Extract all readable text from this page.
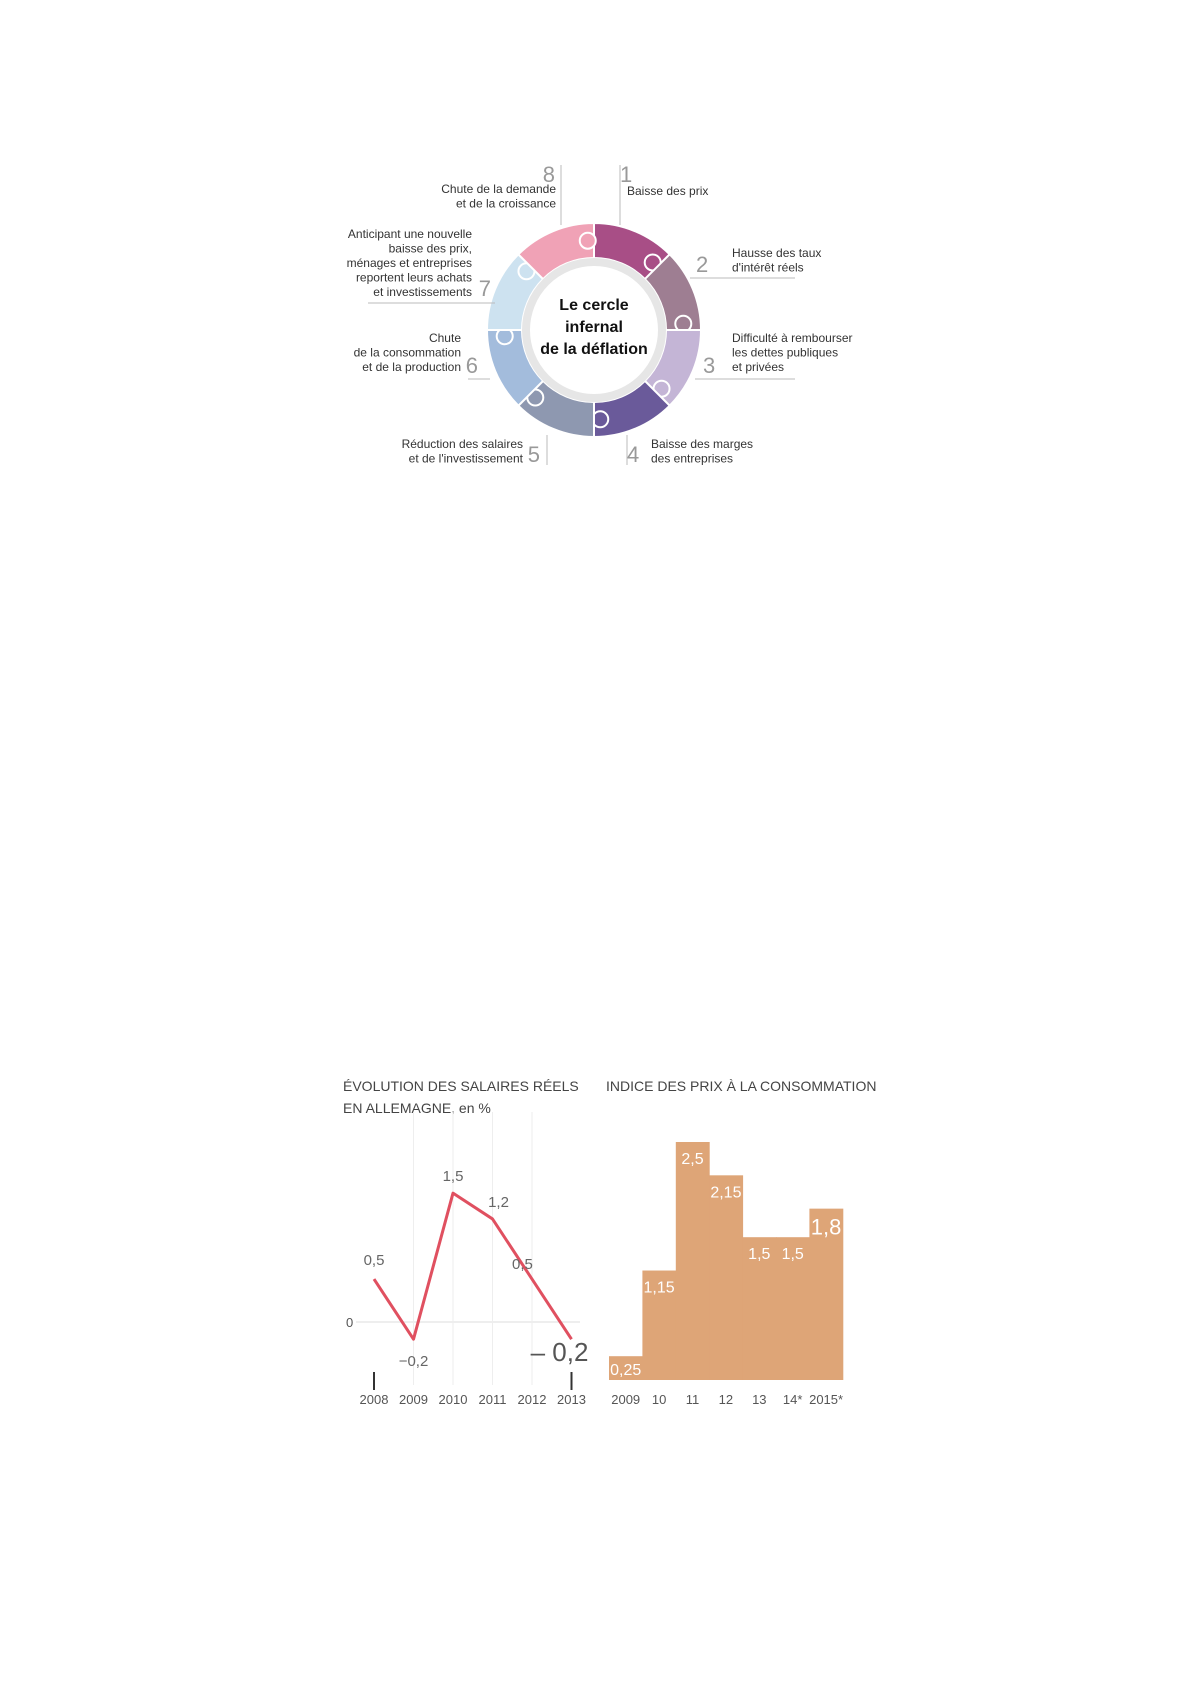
Le cercle
infernal
de la déflation
1
Baisse des prix
2 Hausse des taux
d'intérêt réels
3
Difficulté à rembourser
les dettes publiques
et privées
4 Baisse des marges
des entreprises
5
Réduction des salaires
et de l'investissement
6
Chute
de la consommation
et de la production
7
Anticipant une nouvelle
baisse des prix,
ménages et entreprises
reportent leurs achats
et investissements
8
Chute de la demande
et de la croissance
ÉVOLUTION DES SALAIRES RÉELS
EN ALLEMAGNE, en %
0
0,5
−0,2
1,5
1,2
0,5
– 0,2
2008 2009 2010 2011 2012 2013
INDICE DES PRIX À LA CONSOMMATION
0,25
2009
1,15
10
2,5
11
2,15
12
1,5
13
1,5
14*
1,8
2015*
